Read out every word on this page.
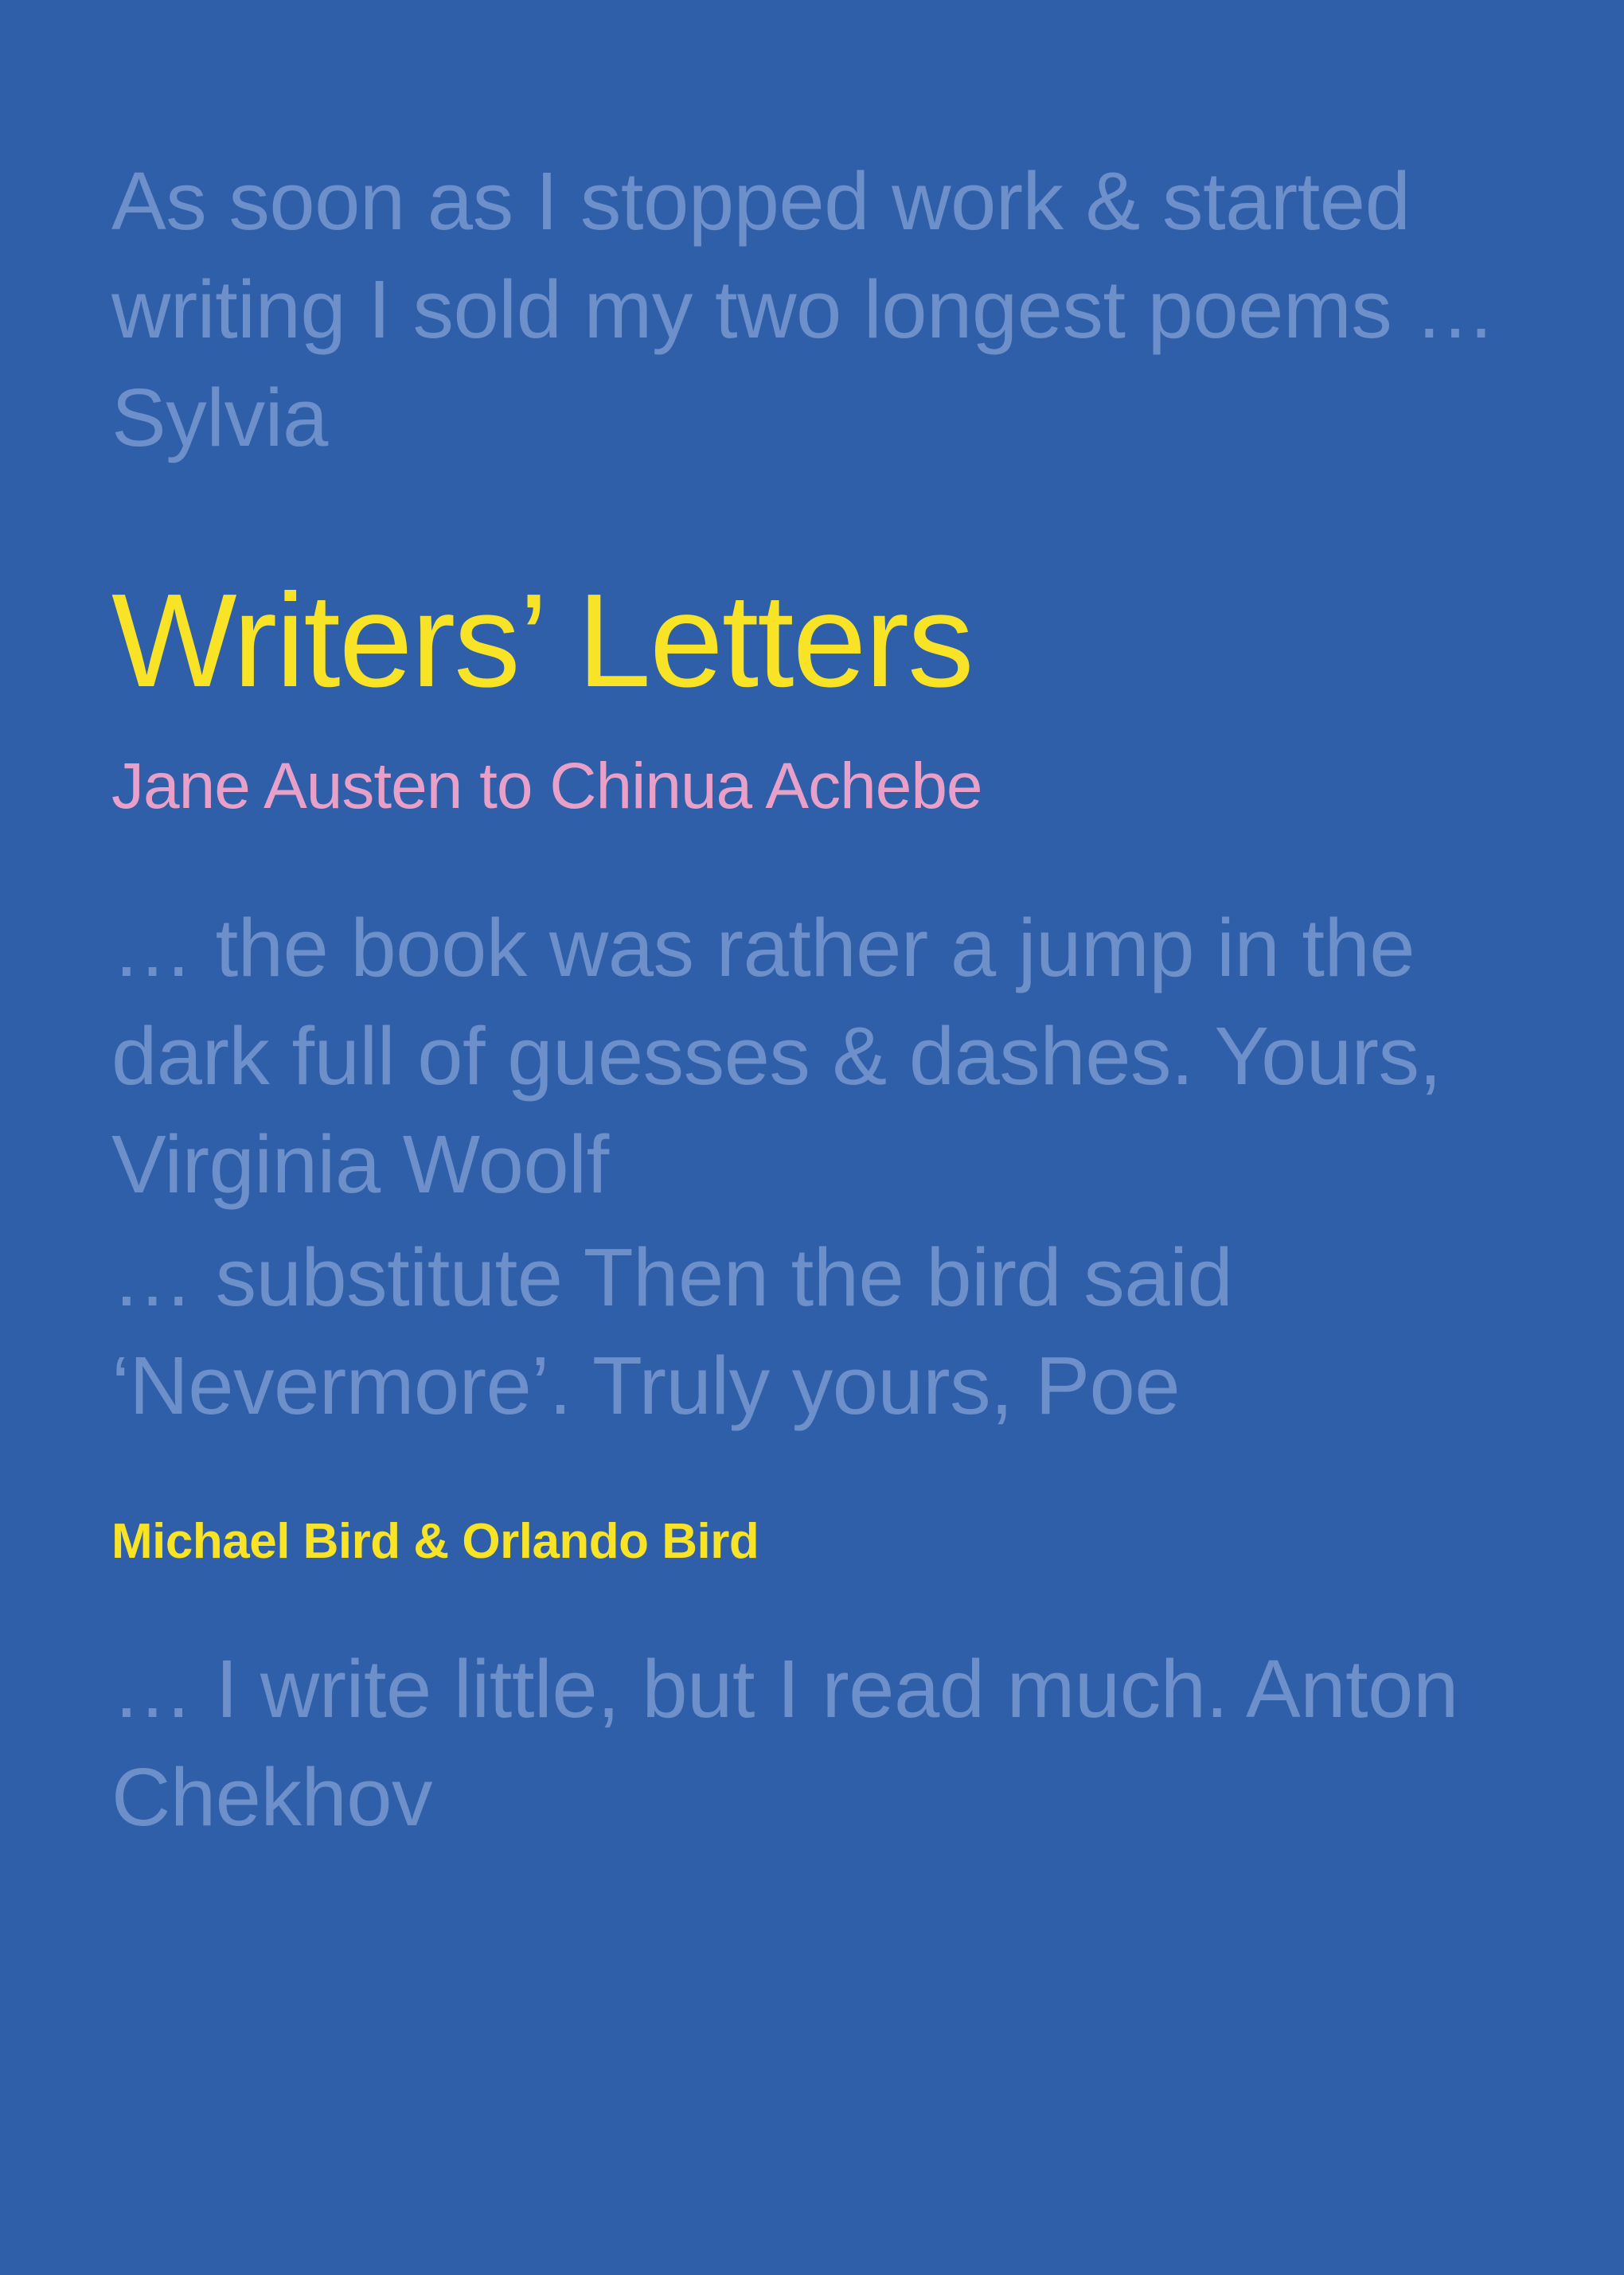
As soon as I stopped work & started writing I sold my two longest poems … Sylvia
Writers’ Letters
Jane Austen to Chinua Achebe
… the book was rather a jump in the dark full of guesses & dashes. Yours, Virginia Woolf
… substitute Then the bird said ‘Nevermore’. Truly yours, Poe
Michael Bird & Orlando Bird
… I write little, but I read much. Anton Chekhov
